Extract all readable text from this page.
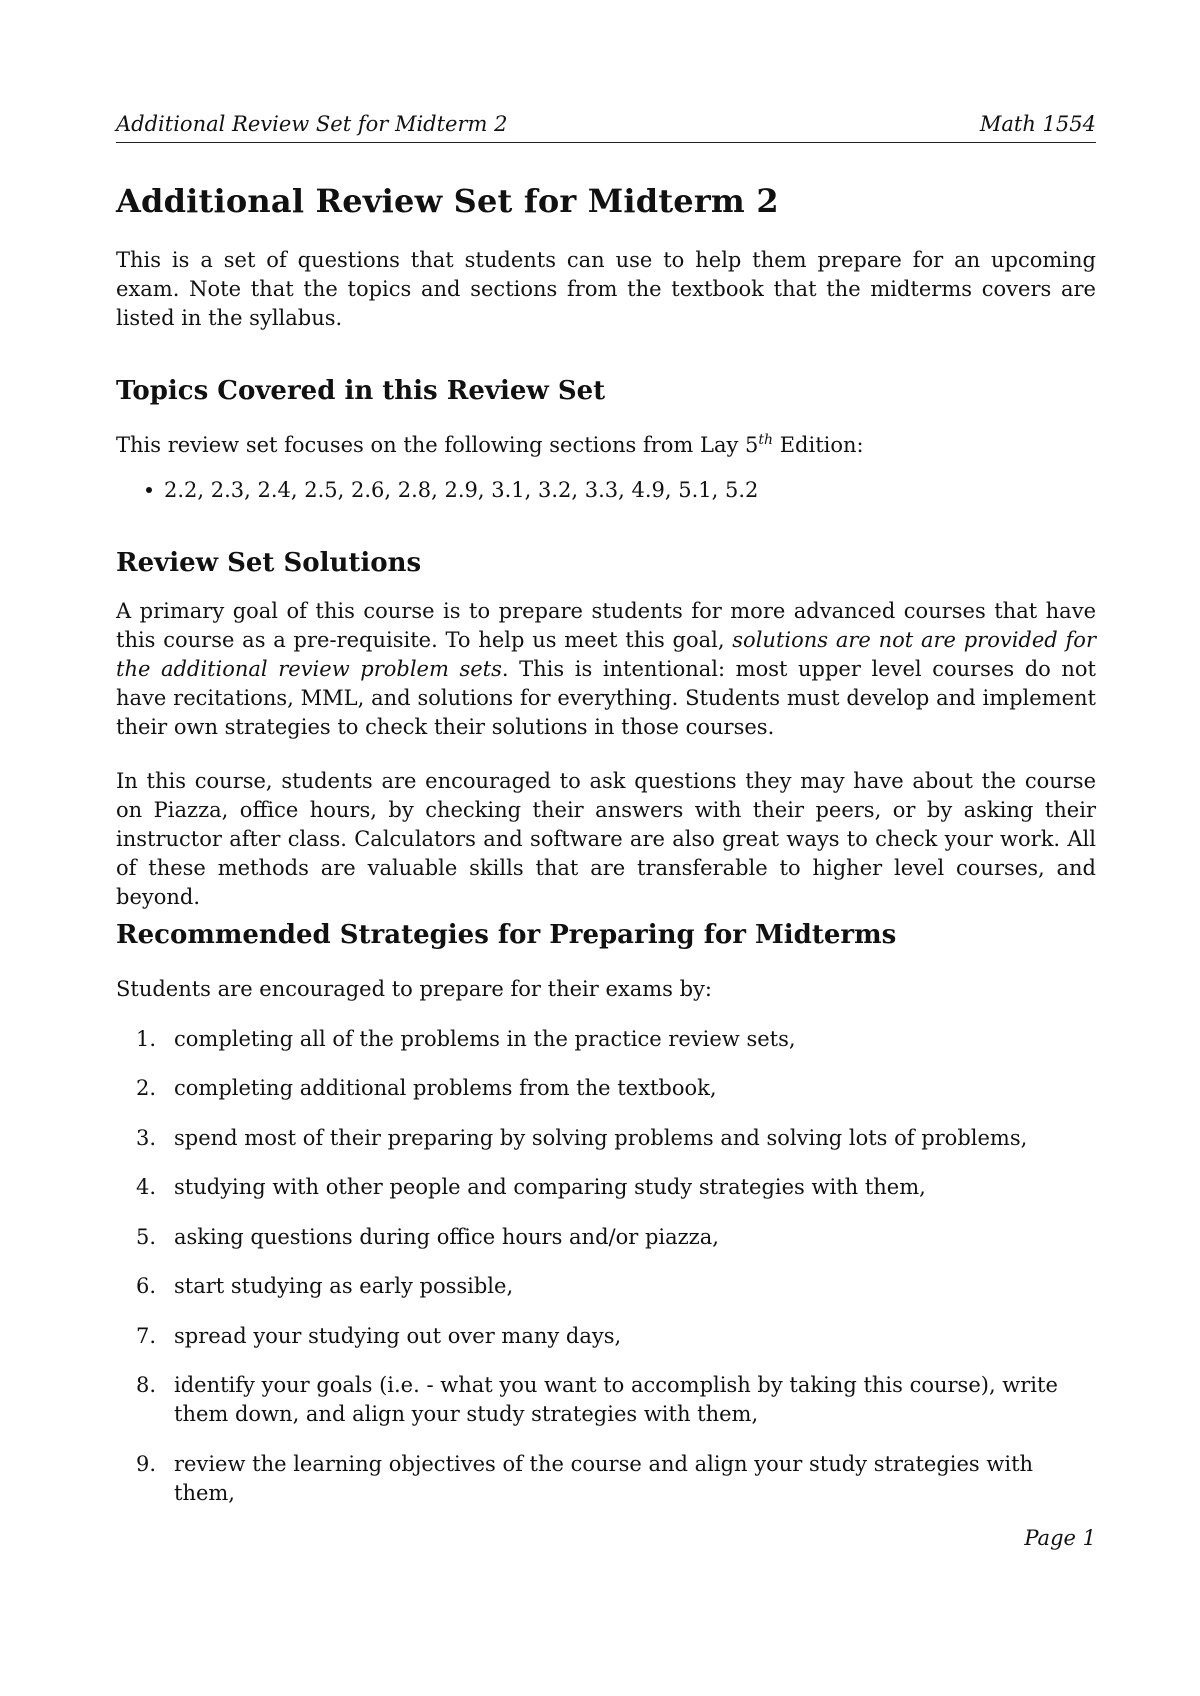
Additional Review Set for Midterm 2	Math 1554
Additional Review Set for Midterm 2

This is a set of questions that students can use to help them prepare for an upcoming exam. Note that the topics and sections from the textbook that the midterms covers are listed in the syllabus.

Topics Covered in this Review Set

This review set focuses on the following sections from Lay 5th Edition:

2.2, 2.3, 2.4, 2.5, 2.6, 2.8, 2.9, 3.1, 3.2, 3.3, 4.9, 5.1, 5.2
Review Set Solutions

A primary goal of this course is to prepare students for more advanced courses that have this course as a pre-requisite. To help us meet this goal, solutions are not are provided for the additional review problem sets. This is intentional: most upper level courses do not have recitations, MML, and solutions for everything. Students must develop and implement their own strategies to check their solutions in those courses.

In this course, students are encouraged to ask questions they may have about the course on Piazza, office hours, by checking their answers with their peers, or by asking their instructor after class. Calculators and software are also great ways to check your work. All of these methods are valuable skills that are transferable to higher level courses, and beyond.

Recommended Strategies for Preparing for Midterms

Students are encouraged to prepare for their exams by:

1. completing all of the problems in the practice review sets,
2. completing additional problems from the textbook,
3. spend most of their preparing by solving problems and solving lots of problems,
4. studying with other people and comparing study strategies with them,
5. asking questions during office hours and/or piazza,
6. start studying as early possible,
7. spread your studying out over many days,
8. identify your goals (i.e. - what you want to accomplish by taking this course), write them down, and align your study strategies with them,
9. review the learning objectives of the course and align your study strategies with them,
Page 1
